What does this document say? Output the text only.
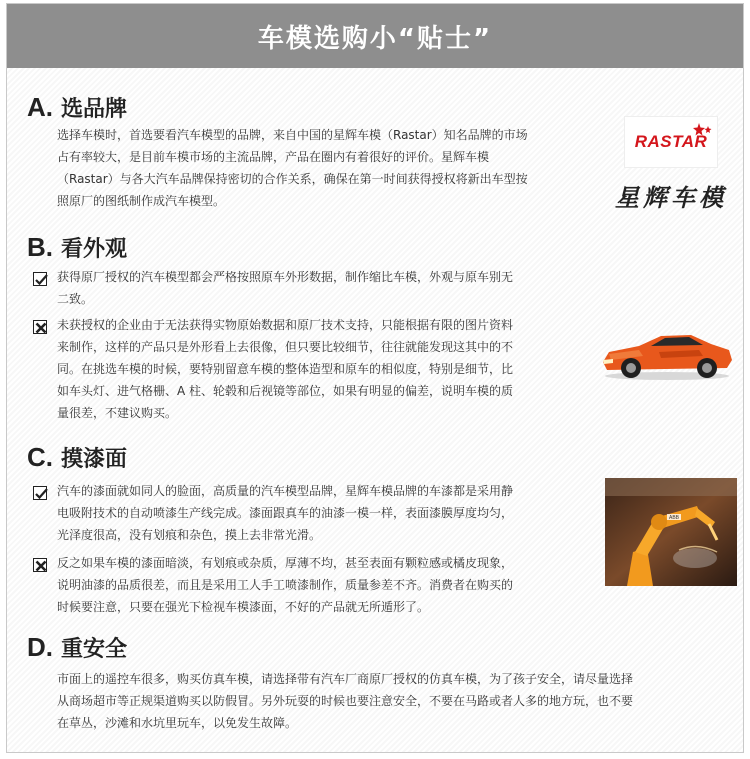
车模选购小“贴士”
A. 选品牌
选择车模时，首选要看汽车模型的品牌，来自中国的星辉车模（Rastar）知名品牌的市场
占有率较大，是目前车模市场的主流品牌，产品在圈内有着很好的评价。星辉车模
（Rastar）与各大汽车品牌保持密切的合作关系，确保在第一时间获得授权将新出车型按
照原厂的图纸制作成汽车模型。
RASTAR
星辉车模
B. 看外观
获得原厂授权的汽车模型都会严格按照原车外形数据，制作缩比车模，外观与原车别无
二致。
未获授权的企业由于无法获得实物原始数据和原厂技术支持，只能根据有限的图片资料
来制作，这样的产品只是外形看上去很像，但只要比较细节，往往就能发现这其中的不
同。在挑选车模的时候，要特别留意车模的整体造型和原车的相似度，特别是细节，比
如车头灯、进气格栅、A 柱、轮毂和后视镜等部位，如果有明显的偏差，说明车模的质
量很差，不建议购买。
C. 摸漆面
汽车的漆面就如同人的脸面，高质量的汽车模型品牌，星辉车模品牌的车漆都是采用静
电吸附技术的自动喷漆生产线完成。漆面跟真车的油漆一模一样，表面漆膜厚度均匀，
光泽度很高，没有划痕和杂色，摸上去非常光滑。
反之如果车模的漆面暗淡，有划痕或杂质，厚薄不均，甚至表面有颗粒感或橘皮现象，
说明油漆的品质很差，而且是采用工人手工喷漆制作，质量参差不齐。消费者在购买的
时候要注意，只要在强光下检视车模漆面，不好的产品就无所遁形了。
ABB
D. 重安全
市面上的遥控车很多，购买仿真车模，请选择带有汽车厂商原厂授权的仿真车模，为了孩子安全，请尽量选择
从商场超市等正规渠道购买以防假冒。另外玩耍的时候也要注意安全，不要在马路或者人多的地方玩，也不要
在草丛，沙滩和水坑里玩车，以免发生故障。
